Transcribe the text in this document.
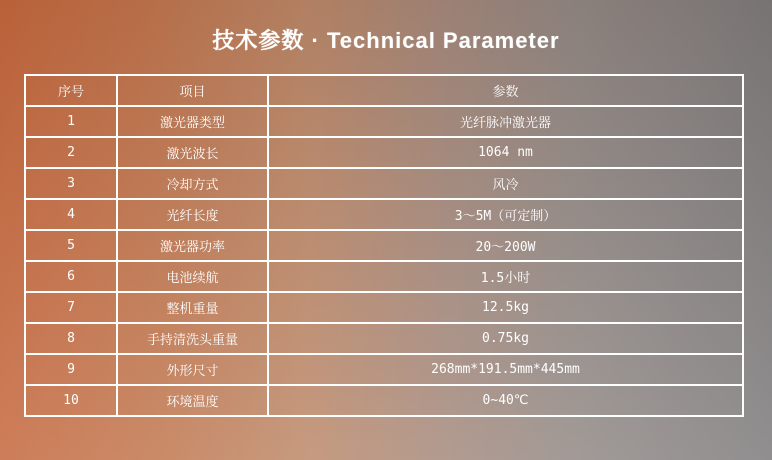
技术参数 · Technical Parameter
序号	项目	参数
1	激光器类型	光纤脉冲激光器
2	激光波长	1064 nm
3	冷却方式	风冷
4	光纤长度	3～5M（可定制）
5	激光器功率	20～200W
6	电池续航	1.5小时
7	整机重量	12.5kg
8	手持清洗头重量	0.75kg
9	外形尺寸	268mm*191.5mm*445mm
10	环境温度	0~40℃
